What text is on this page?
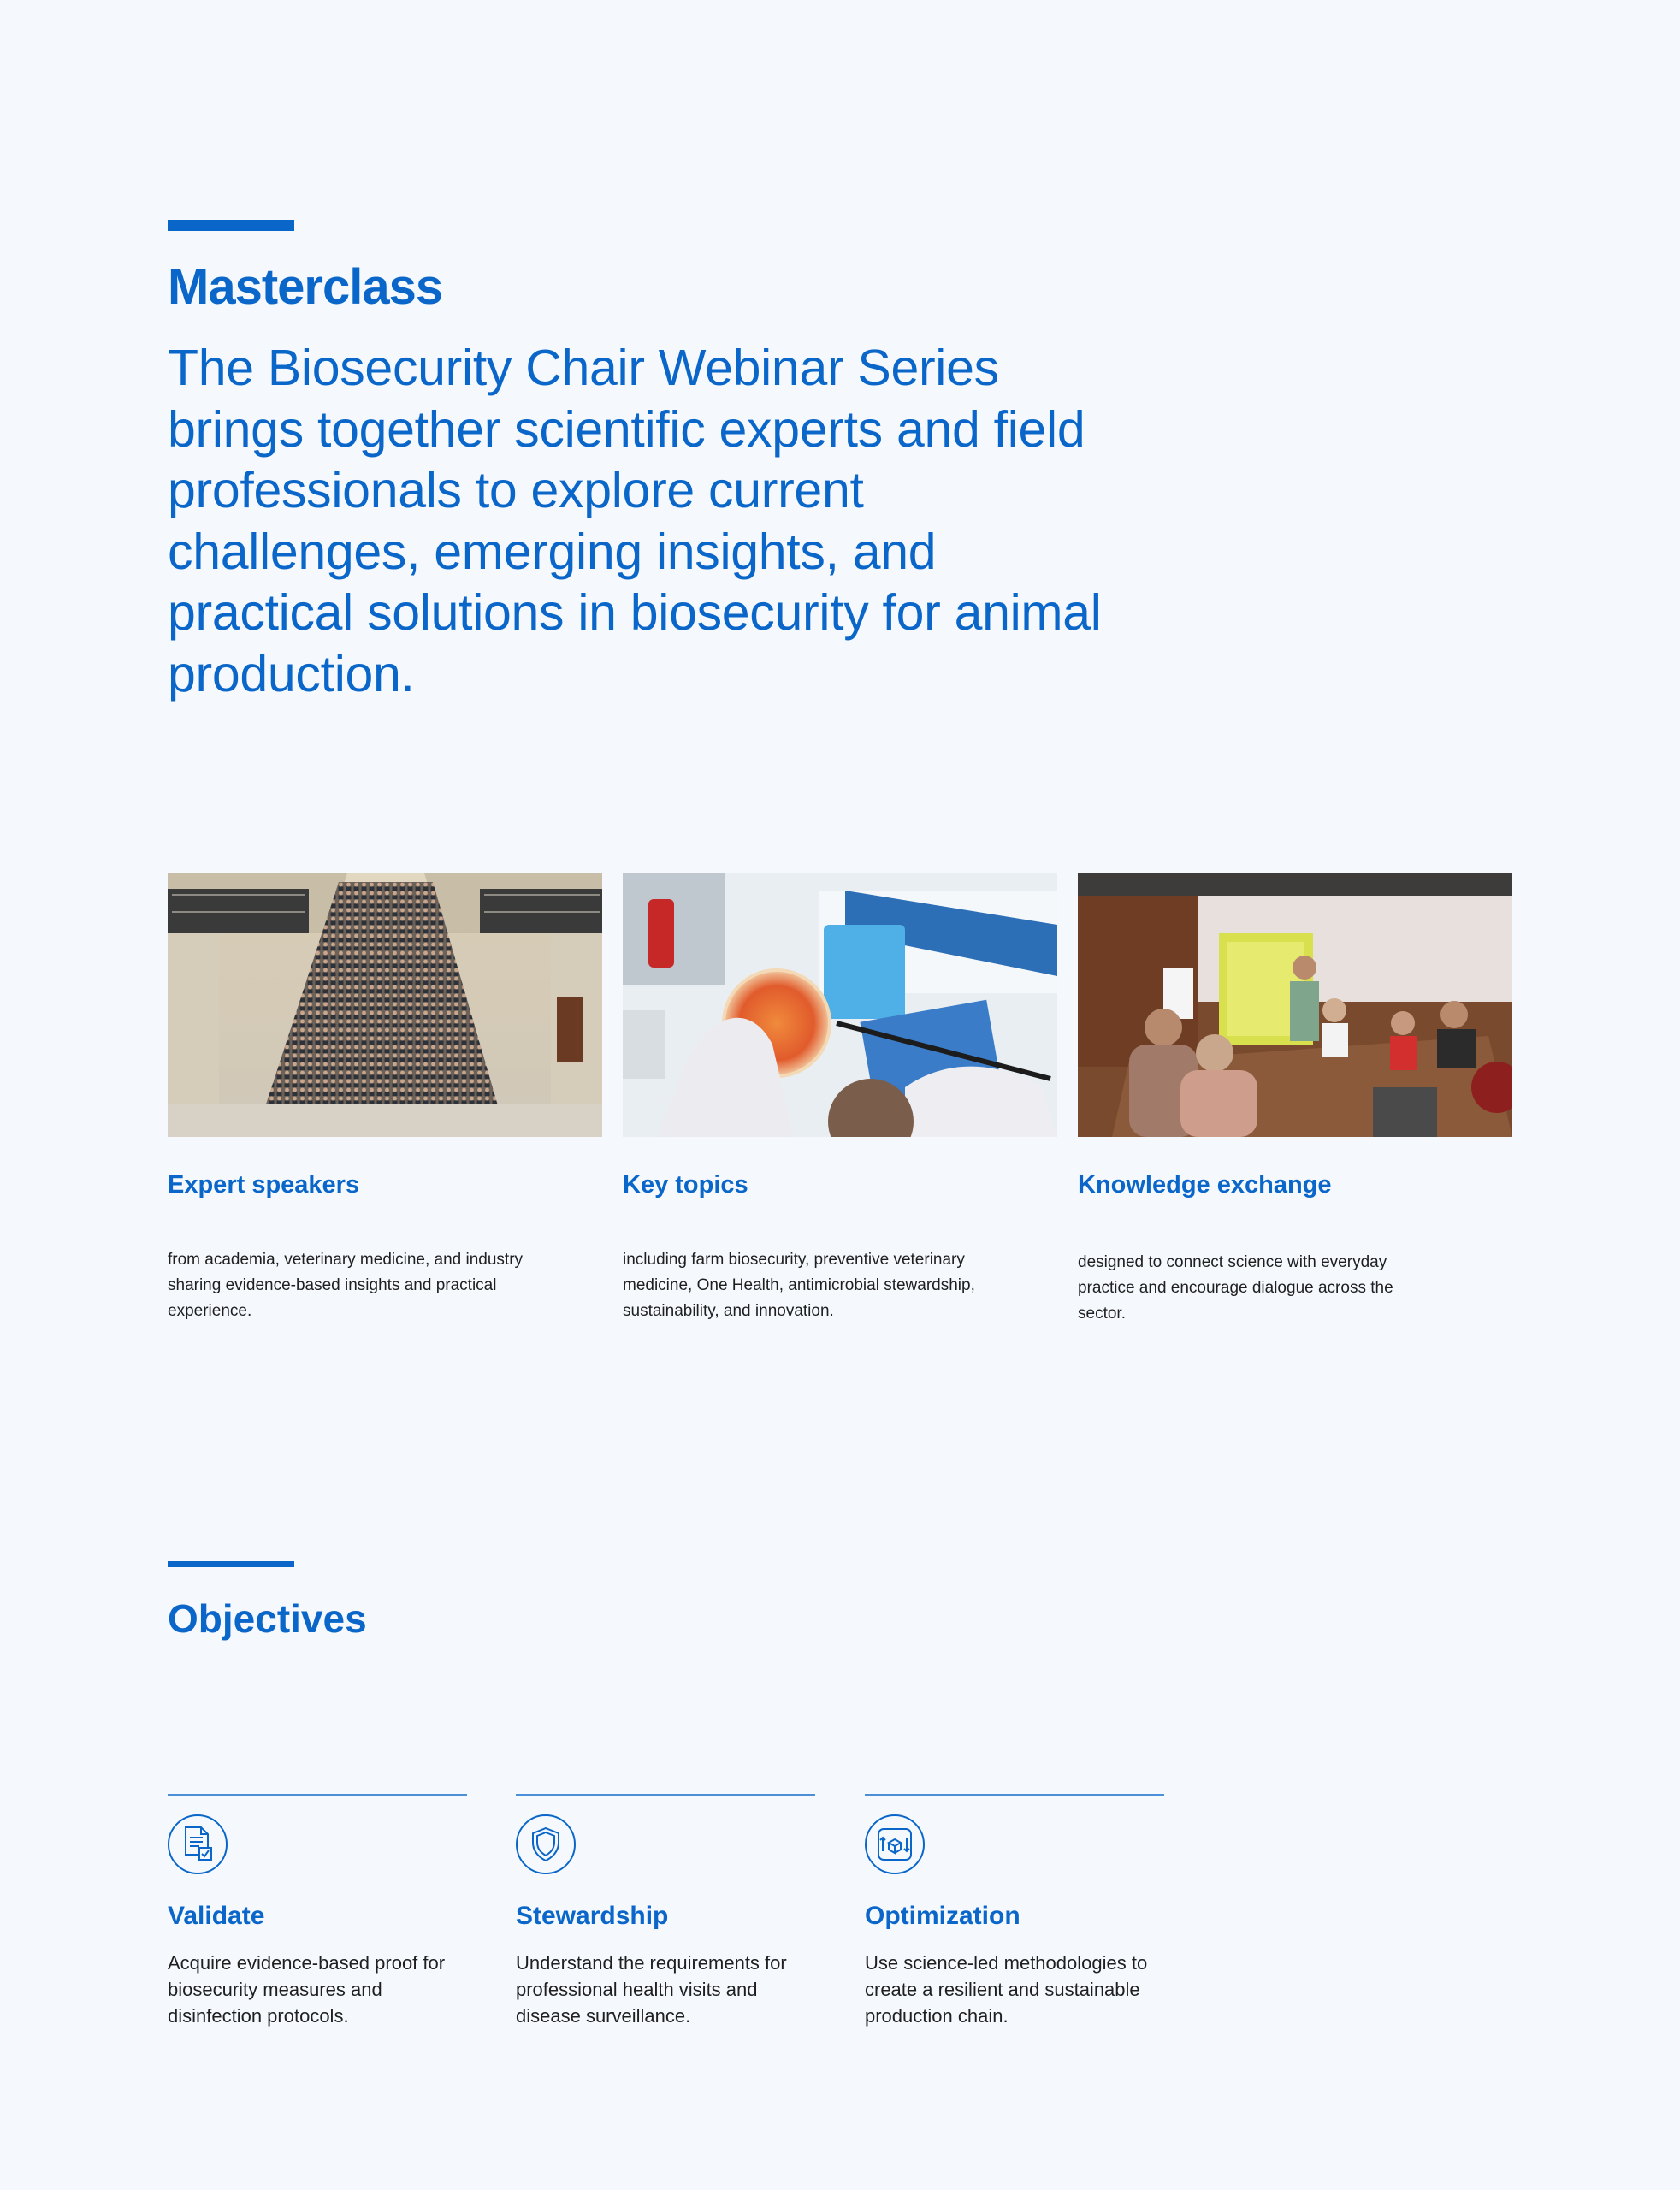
Masterclass

The Biosecurity Chair Webinar Series brings together scientific experts and field professionals to explore current challenges, emerging insights, and practical solutions in biosecurity for animal production.

Expert speakers

from academia, veterinary medicine, and industry sharing evidence-based insights and practical experience.

Key topics

including farm biosecurity, preventive veterinary medicine, One Health, antimicrobial stewardship, sustainability, and innovation.

Knowledge exchange

designed to connect science with everyday practice and encourage dialogue across the sector.

Objectives
Validate

Acquire evidence-based proof for biosecurity measures and disinfection protocols.

Stewardship

Understand the requirements for professional health visits and disease surveillance.

Optimization

Use science-led methodologies to create a resilient and sustainable production chain.
